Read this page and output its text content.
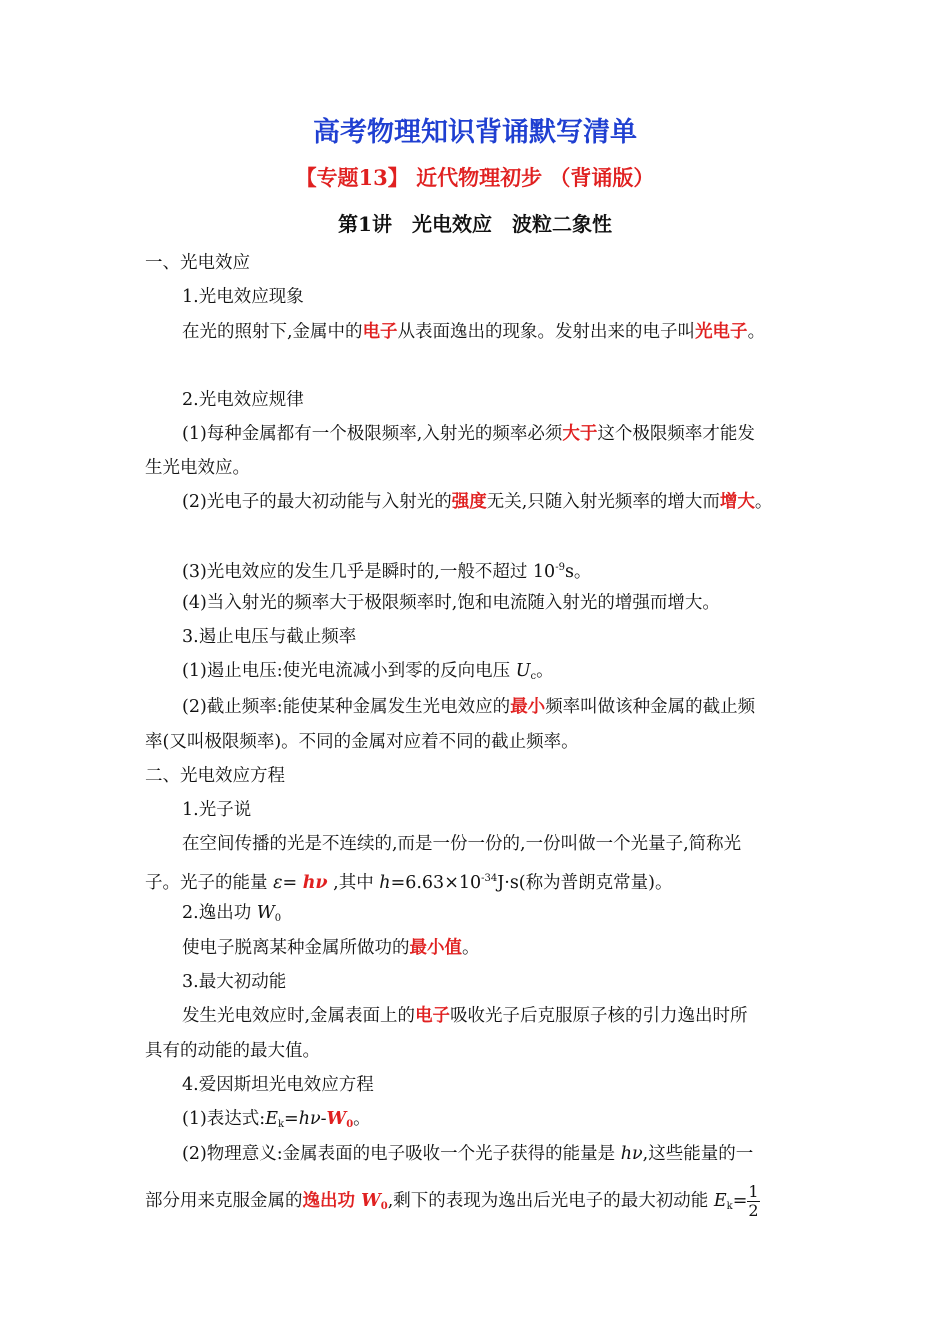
高考物理知识背诵默写清单
【专题13】 近代物理初步 （背诵版）
第1讲　光电效应　波粒二象性
一、光电效应
1.光电效应现象
在光的照射下,金属中的电子从表面逸出的现象。发射出来的电子叫光电子。
2.光电效应规律
(1)每种金属都有一个极限频率,入射光的频率必须大于这个极限频率才能发
生光电效应。
(2)光电子的最大初动能与入射光的强度无关,只随入射光频率的增大而增大。
(3)光电效应的发生几乎是瞬时的,一般不超过 $10^{-9}s$。
(4)当入射光的频率大于极限频率时,饱和电流随入射光的增强而增大。
3.遏止电压与截止频率
(1)遏止电压:使光电流减小到零的反向电压 $U_c$。
(2)截止频率:能使某种金属发生光电效应的最小频率叫做该种金属的截止频
率(又叫极限频率)。不同的金属对应着不同的截止频率。
二、光电效应方程
1.光子说
在空间传播的光是不连续的,而是一份一份的,一份叫做一个光量子,简称光
子。光子的能量 ε= hν ,其中 $h=6.63\times 10^{-34}J\cdot s$(称为普朗克常量)。
2.逸出功 $W_0$
使电子脱离某种金属所做功的最小值。
3.最大初动能
发生光电效应时,金属表面上的电子吸收光子后克服原子核的引力逸出时所
具有的动能的最大值。
4.爱因斯坦光电效应方程
(1)表达式$:E_k=h\nu-W_0$。
(2)物理意义:金属表面的电子吸收一个光子获得的能量是 hν,这些能量的一
部分用来克服金属的逸出功 $W_0$,剩下的表现为逸出后光电子的最大初动能 $E_k= \frac{1}{2}$
